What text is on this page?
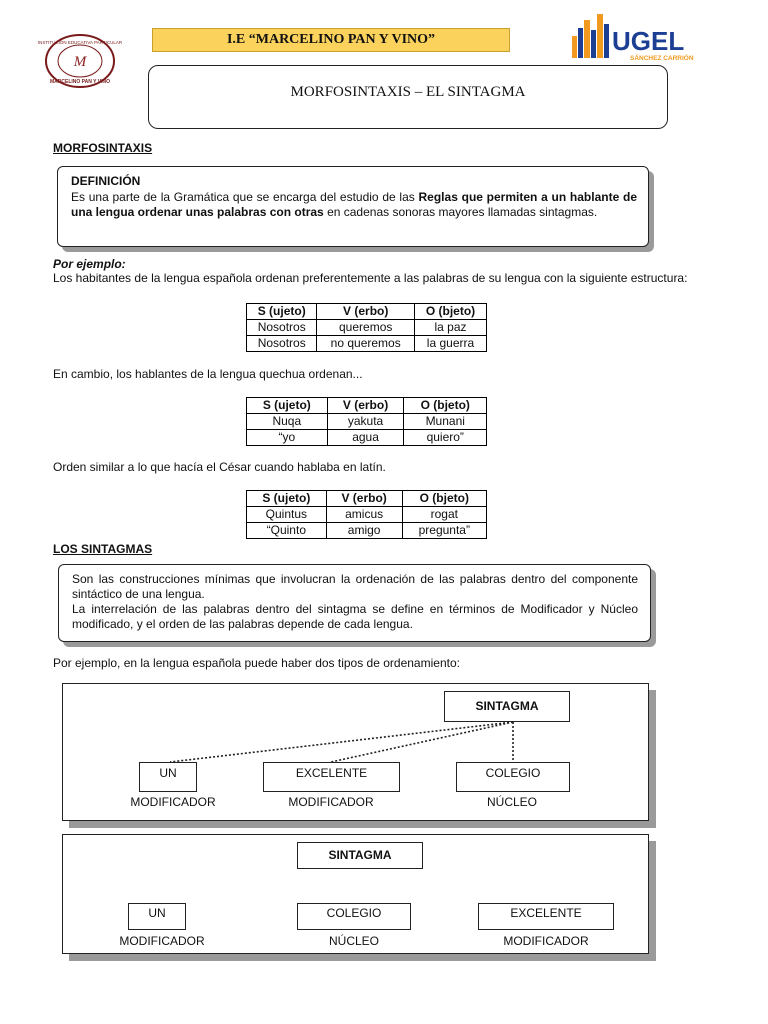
M
INSTITUCIÓN EDUCATIVA PARTICULAR
MARCELINO PAN Y VINO
I.E “MARCELINO PAN Y VINO”	UGEL
SÁNCHEZ CARRIÓN
MORFOSINTAXIS – EL SINTAGMA
MORFOSINTAXIS
DEFINICIÓN
Es una parte de la Gramática que se encarga del estudio de las Reglas que permiten a un hablante de una lengua ordenar unas palabras con otras en cadenas sonoras mayores llamadas sintagmas.
Por ejemplo:
Los habitantes de la lengua española ordenan preferentemente a las palabras de su lengua con la siguiente estructura:
S (ujeto)	V (erbo)	O (bjeto)
Nosotros	queremos	la paz
Nosotros	no queremos	la guerra
En cambio, los hablantes de la lengua quechua ordenan...
S (ujeto)	V (erbo)	O (bjeto)
Nuqa	yakuta	Munani
“yo	agua	quiero”
Orden similar a lo que hacía el César cuando hablaba en latín.
S (ujeto)	V (erbo)	O (bjeto)
Quintus	amicus	rogat
“Quinto	amigo	pregunta”
LOS SINTAGMAS
Son las construcciones mínimas que involucran la ordenación de las palabras dentro del componente sintáctico de una lengua.
La interrelación de las palabras dentro del sintagma se define en términos de Modificador y Núcleo modificado, y el orden de las palabras depende de cada lengua.
Por ejemplo, en la lengua española puede haber dos tipos de ordenamiento:
SINTAGMA
UN	EXCELENTE	COLEGIO
MODIFICADOR	MODIFICADOR	NÚCLEO
SINTAGMA
UN	COLEGIO	EXCELENTE
MODIFICADOR	NÚCLEO	MODIFICADOR
